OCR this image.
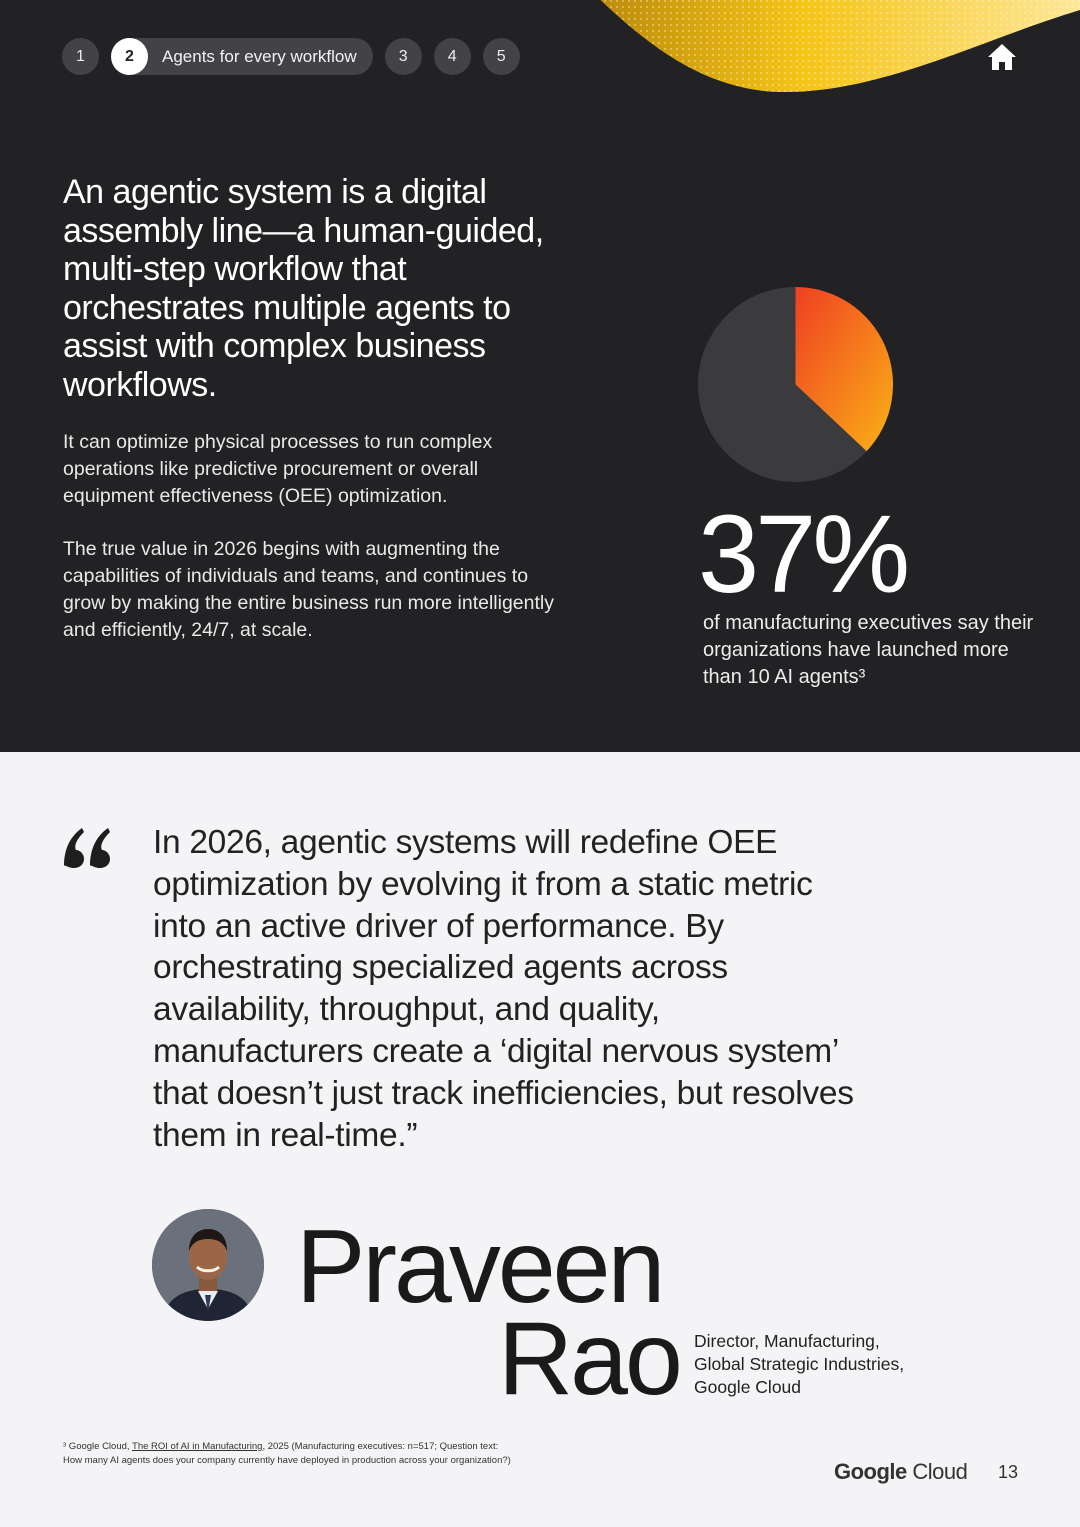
1	2	Agents for every workflow	3	4	5
An agentic system is a digital assembly line—a human-guided, multi-step workflow that orchestrates multiple agents to assist with complex business workflows.
It can optimize physical processes to run complex operations like predictive procurement or overall equipment effectiveness (OEE) optimization.
The true value in 2026 begins with augmenting the capabilities of individuals and teams, and continues to grow by making the entire business run more intelligently and efficiently, 24/7, at scale.
37%
of manufacturing executives say their organizations have launched more than 10 AI agents³
In 2026, agentic systems will redefine OEE optimization by evolving it from a static metric into an active driver of performance. By orchestrating specialized agents across availability, throughput, and quality, manufacturers create a ‘digital nervous system’ that doesn’t just track inefficiencies, but resolves them in real-time.”
Praveen
Rao Director, Manufacturing,
Global Strategic Industries,
Google Cloud
³ Google Cloud, The ROI of AI in Manufacturing, 2025 (Manufacturing executives: n=517; Question text:
How many AI agents does your company currently have deployed in production across your organization?)	Google Cloud 13
